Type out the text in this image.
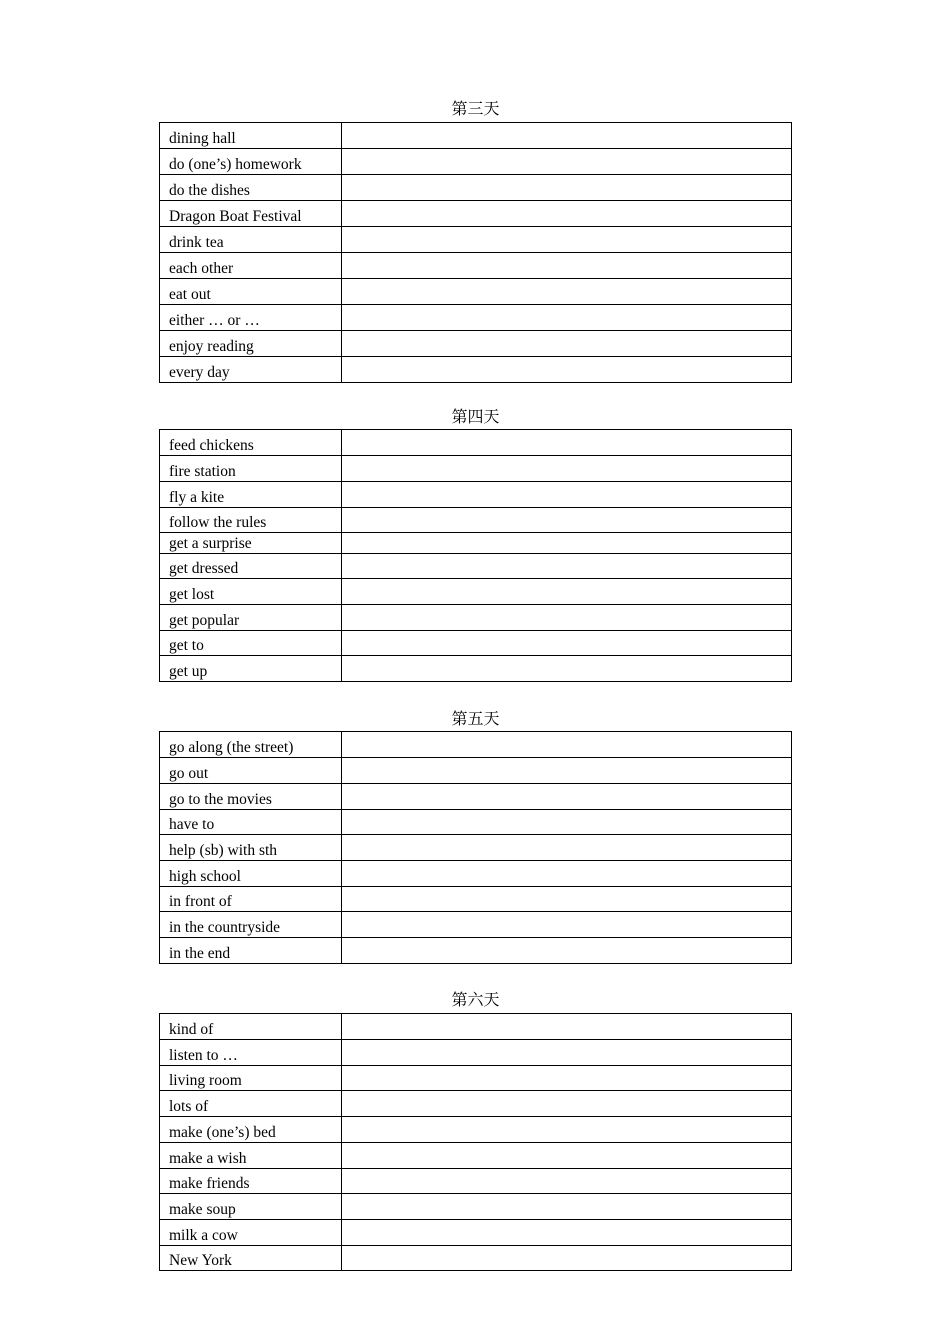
第三天
dining hall	
do (one’s) homework	
do the dishes	
Dragon Boat Festival	
drink tea	
each other	
eat out	
either … or …	
enjoy reading	
every day	
第四天
feed chickens	
fire station	
fly a kite	
follow the rules	
get a surprise	
get dressed	
get lost	
get popular	
get to	
get up	
第五天
go along (the street)	
go out	
go to the movies	
have to	
help (sb) with sth	
high school	
in front of	
in the countryside	
in the end	
第六天
kind of	
listen to …	
living room	
lots of	
make (one’s) bed	
make a wish	
make friends	
make soup	
milk a cow	
New York	
